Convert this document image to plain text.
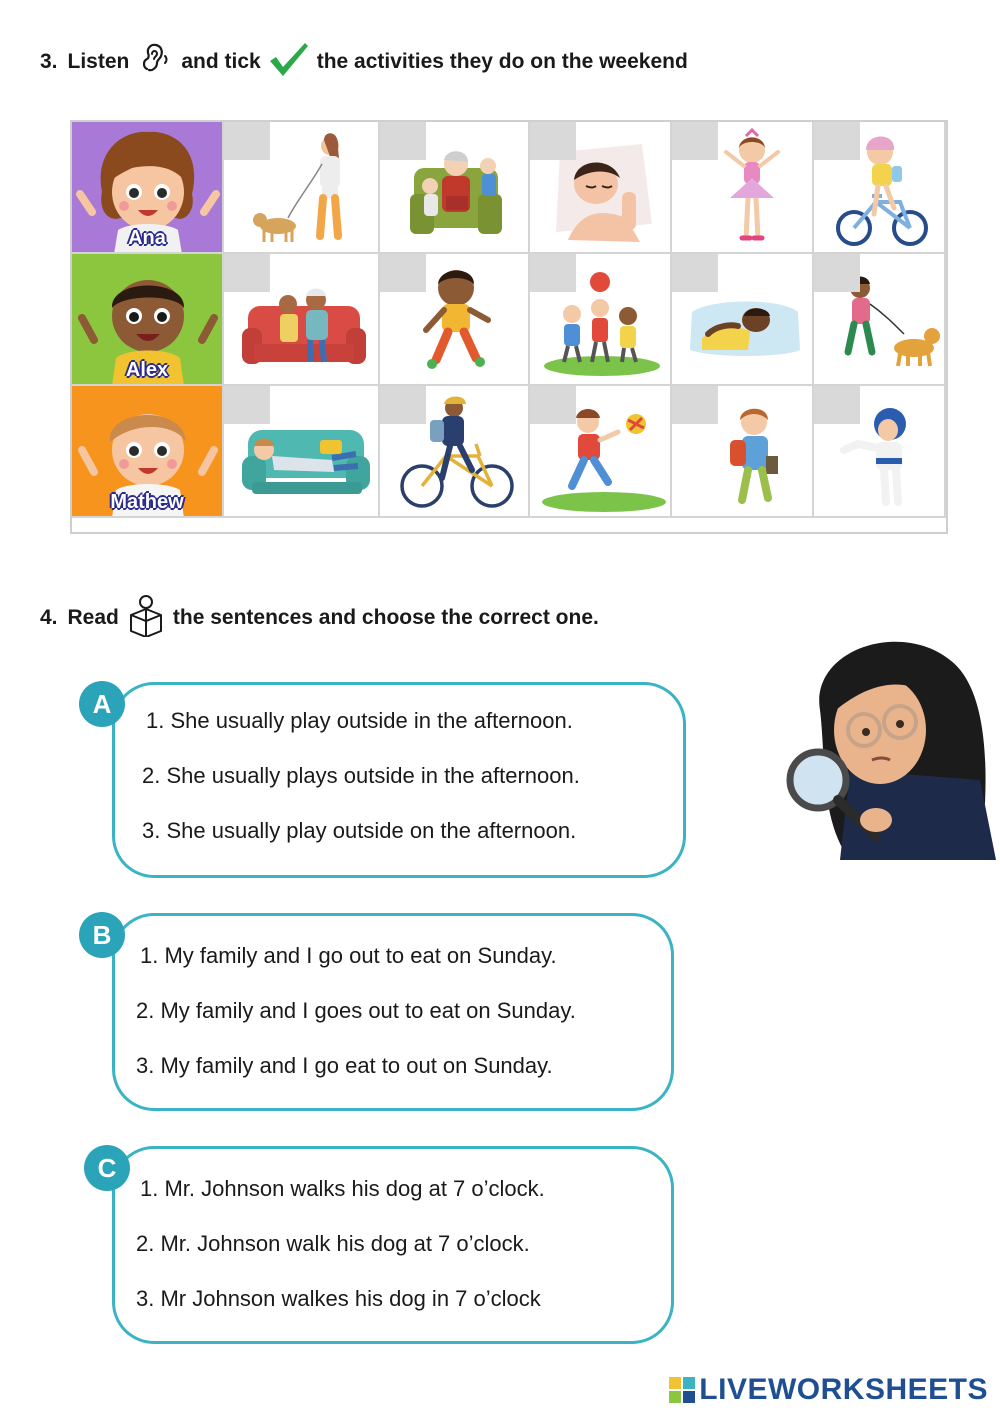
3. Listen and tick	the activities they do on the weekend
Ana
Alex
Mathew
4. Read	the sentences and choose the correct one.
A
1. She usually play outside in the afternoon.
2. She usually plays outside in the afternoon.
3. She usually play outside on the afternoon.
B
1. My family and I go out to eat on Sunday.
2. My family and I goes out to eat on Sunday.
3. My family and I go eat to out on Sunday.
C
1. Mr. Johnson walks his dog at 7 o’clock.
2. Mr. Johnson walk his dog at 7 o’clock.
3. Mr Johnson walkes his dog in 7 o’clock
LIVEWORKSHEETS
